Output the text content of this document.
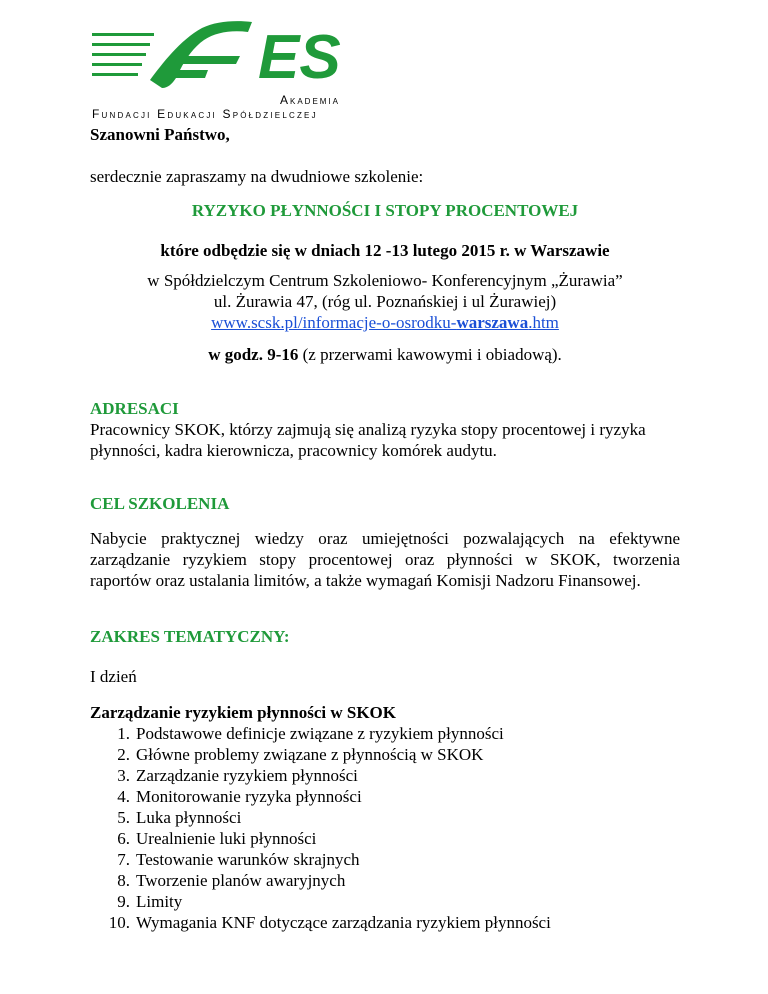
ES
Akademia
Fundacji Edukacji Spółdzielczej
Szanowni Państwo,
serdecznie zapraszamy na dwudniowe szkolenie:
RYZYKO PŁYNNOŚCI I STOPY PROCENTOWEJ
które odbędzie się w dniach 12 -13 lutego 2015 r. w Warszawie
w Spółdzielczym Centrum Szkoleniowo- Konferencyjnym „Żurawia”
ul. Żurawia 47, (róg ul. Poznańskiej i ul Żurawiej)
www.scsk.pl/informacje-o-osrodku-warszawa.htm
w godz. 9-16 (z przerwami kawowymi i obiadową).
ADRESACI
Pracownicy SKOK, którzy zajmują się analizą ryzyka stopy procentowej i ryzyka płynności, kadra kierownicza, pracownicy komórek audytu.
CEL SZKOLENIA
Nabycie praktycznej wiedzy oraz umiejętności pozwalających na efektywne zarządzanie ryzykiem stopy procentowej oraz płynności w SKOK, tworzenia raportów oraz ustalania limitów, a także wymagań Komisji Nadzoru Finansowej.
ZAKRES TEMATYCZNY:
I dzień
Zarządzanie ryzykiem płynności w SKOK
1. Podstawowe definicje związane z ryzykiem płynności
2. Główne problemy związane z płynnością w SKOK
3. Zarządzanie ryzykiem płynności
4. Monitorowanie ryzyka płynności
5. Luka płynności
6. Urealnienie luki płynności
7. Testowanie warunków skrajnych
8. Tworzenie planów awaryjnych
9. Limity
10. Wymagania KNF dotyczące zarządzania ryzykiem płynności
